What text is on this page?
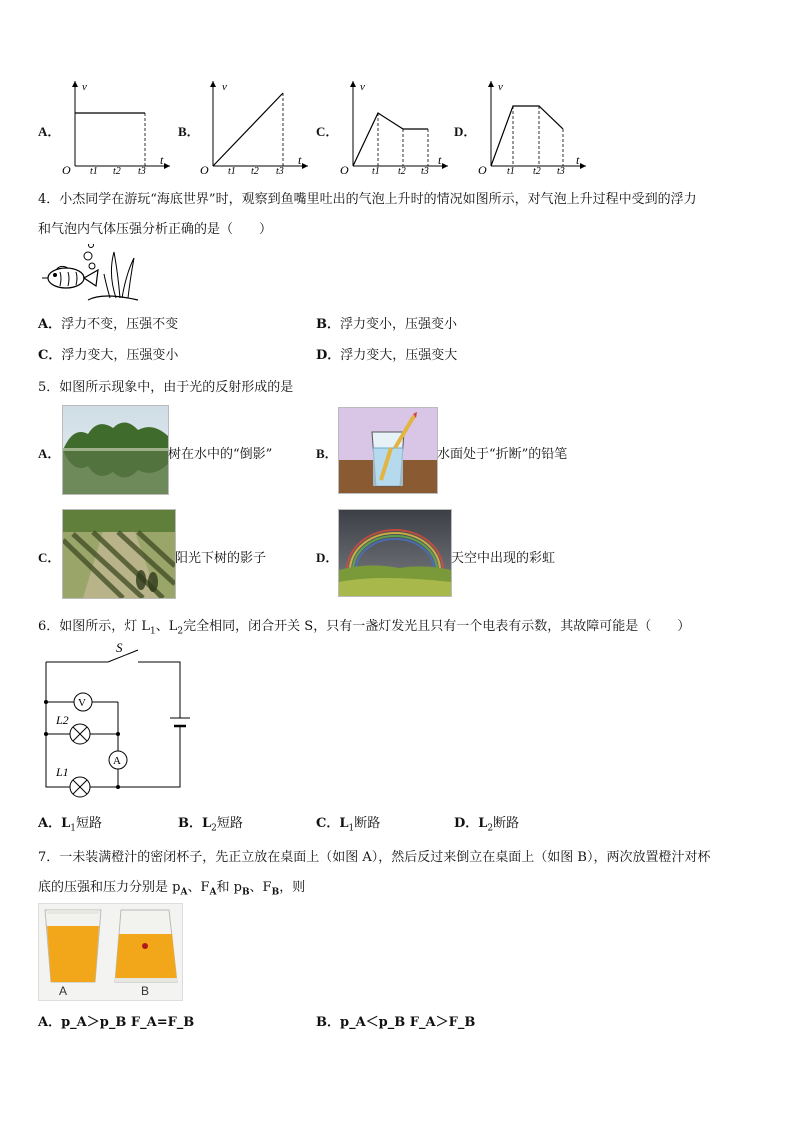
A．
v
O
t
t1 t2 t3
B．
v
O
t
t1 t2 t3
C．
v
O
t
t1 t2 t3
D．
v
O
t
t1 t2 t3
4．小杰同学在游玩“海底世界”时，观察到鱼嘴里吐出的气泡上升时的情况如图所示，对气泡上升过程中受到的浮力
和气泡内气体压强分析正确的是（　　）
A．浮力不变，压强不变	B．浮力变小，压强变小
C．浮力变大，压强变小	D．浮力变大，压强变大
5．如图所示现象中，由于光的反射形成的是
A．	树在水中的“倒影”	B．	水面处于“折断”的铅笔
C．	阳光下树的影子	D．	天空中出现的彩虹
6．如图所示，灯 $L_1$、$L_2$完全相同，闭合开关 S，只有一盏灯发光且只有一个电表有示数，其故障可能是（　　）
V
L2
A
L1
S
A．$L_1$短路	B．$L_2$短路	C．$L_1$断路	D．$L_2$断路
7．一未装满橙汁的密闭杯子，先正立放在桌面上（如图 A），然后反过来倒立在桌面上（如图 B），两次放置橙汁对杯
底的压强和压力分别是 $p_A$、$F_A$和 $p_B$、$F_B$，则
A	B
A．p_A＞p_B F_A=F_B	B．p_A＜p_B F_A＞F_B
